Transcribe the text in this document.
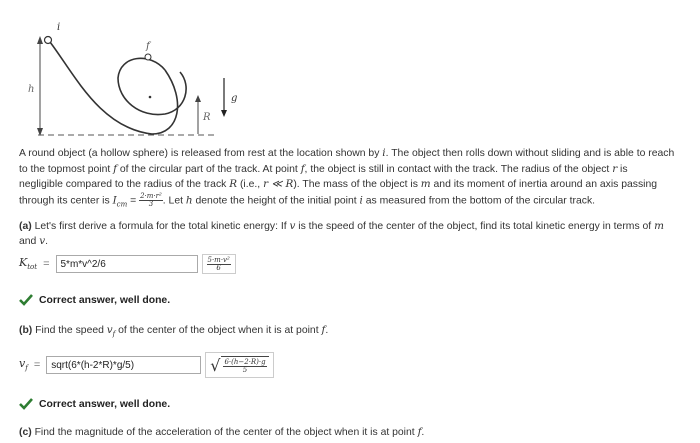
h
i
f
R
g
A round object (a hollow sphere) is released from rest at the location shown by i. The object then rolls down without sliding and is able to reach
to the topmost point f of the circular part of the track. At point f, the object is still in contact with the track. The radius of the object r is
negligible compared to the radius of the track R (i.e., r ≪ R). The mass of the object is m and its moment of inertia around an axis passing
through its center is $I_{cm} = \frac{\text{2·m·r²}}{3}$ . Let h denote the height of the initial point i as measured from the bottom of the circular track.
(a) Let's first derive a formula for the total kinetic energy: If v is the speed of the center of the object, find its total kinetic energy in terms of m
and v.
$K_{tot}$ =	5*m*v^2/6	$\frac{\text{5·m·v²}}{6}$
Correct answer, well done.
(b) Find the speed $v_f$ of the center of the object when it is at point f.
$v_f$ =	sqrt(6*(h-2*R)*g/5)	√ $\frac{6\cdot(h-2\cdot R)\cdot g}{5}$
Correct answer, well done.
(c) Find the magnitude of the acceleration of the center of the object when it is at point f.
